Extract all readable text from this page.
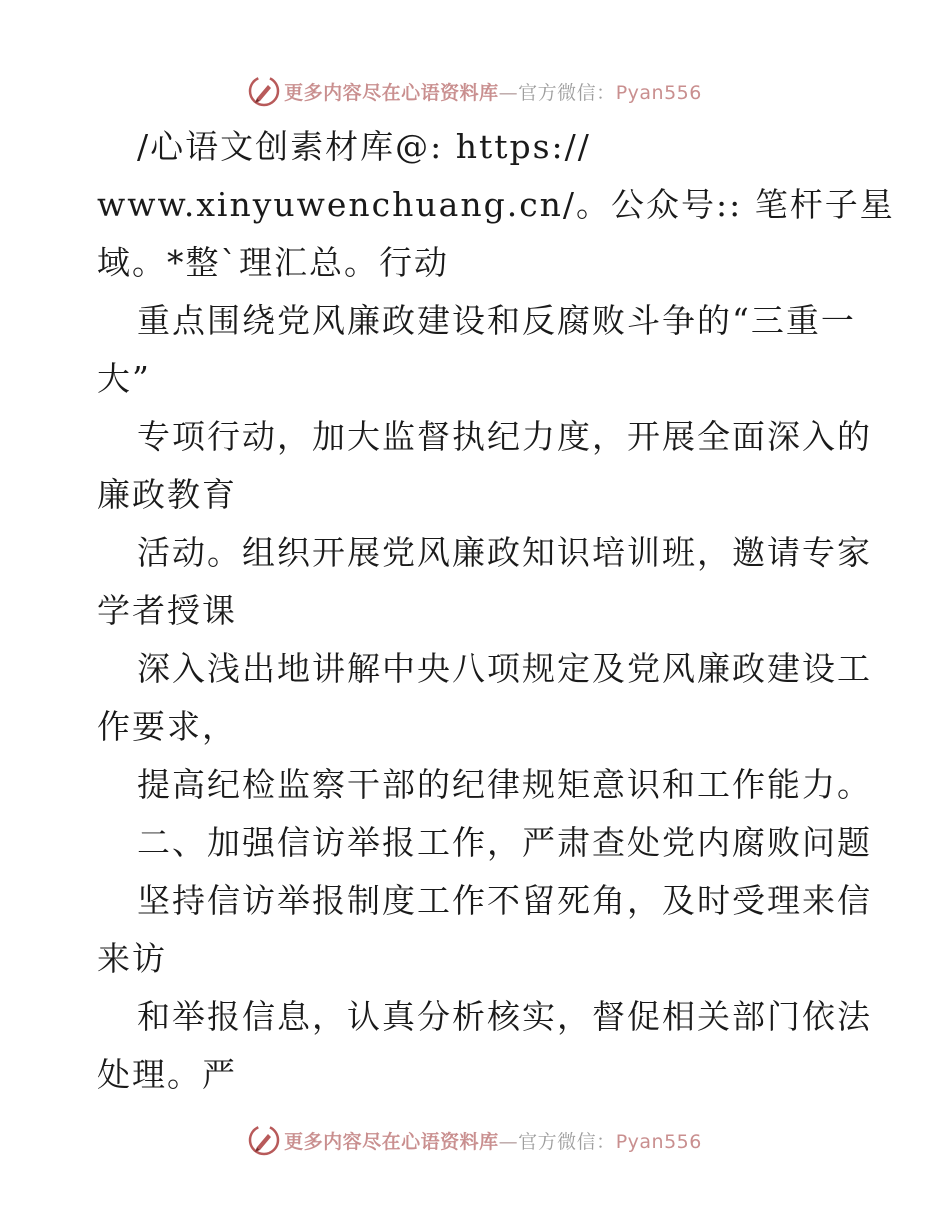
更多内容尽在心语资料库—官方微信：Pyan556
/心语文创素材库@: https://
www.xinyuwenchuang.cn/。公众号:: 笔杆子星
域。*整`理汇总。行动
重点围绕党风廉政建设和反腐败斗争的“三重一
大”
专项行动，加大监督执纪力度，开展全面深入的
廉政教育
活动。组织开展党风廉政知识培训班，邀请专家
学者授课
深入浅出地讲解中央八项规定及党风廉政建设工
作要求，
提高纪检监察干部的纪律规矩意识和工作能力。
二、加强信访举报工作，严肃查处党内腐败问题
坚持信访举报制度工作不留死角，及时受理来信
来访
和举报信息，认真分析核实，督促相关部门依法
处理。严
更多内容尽在心语资料库—官方微信：Pyan556
